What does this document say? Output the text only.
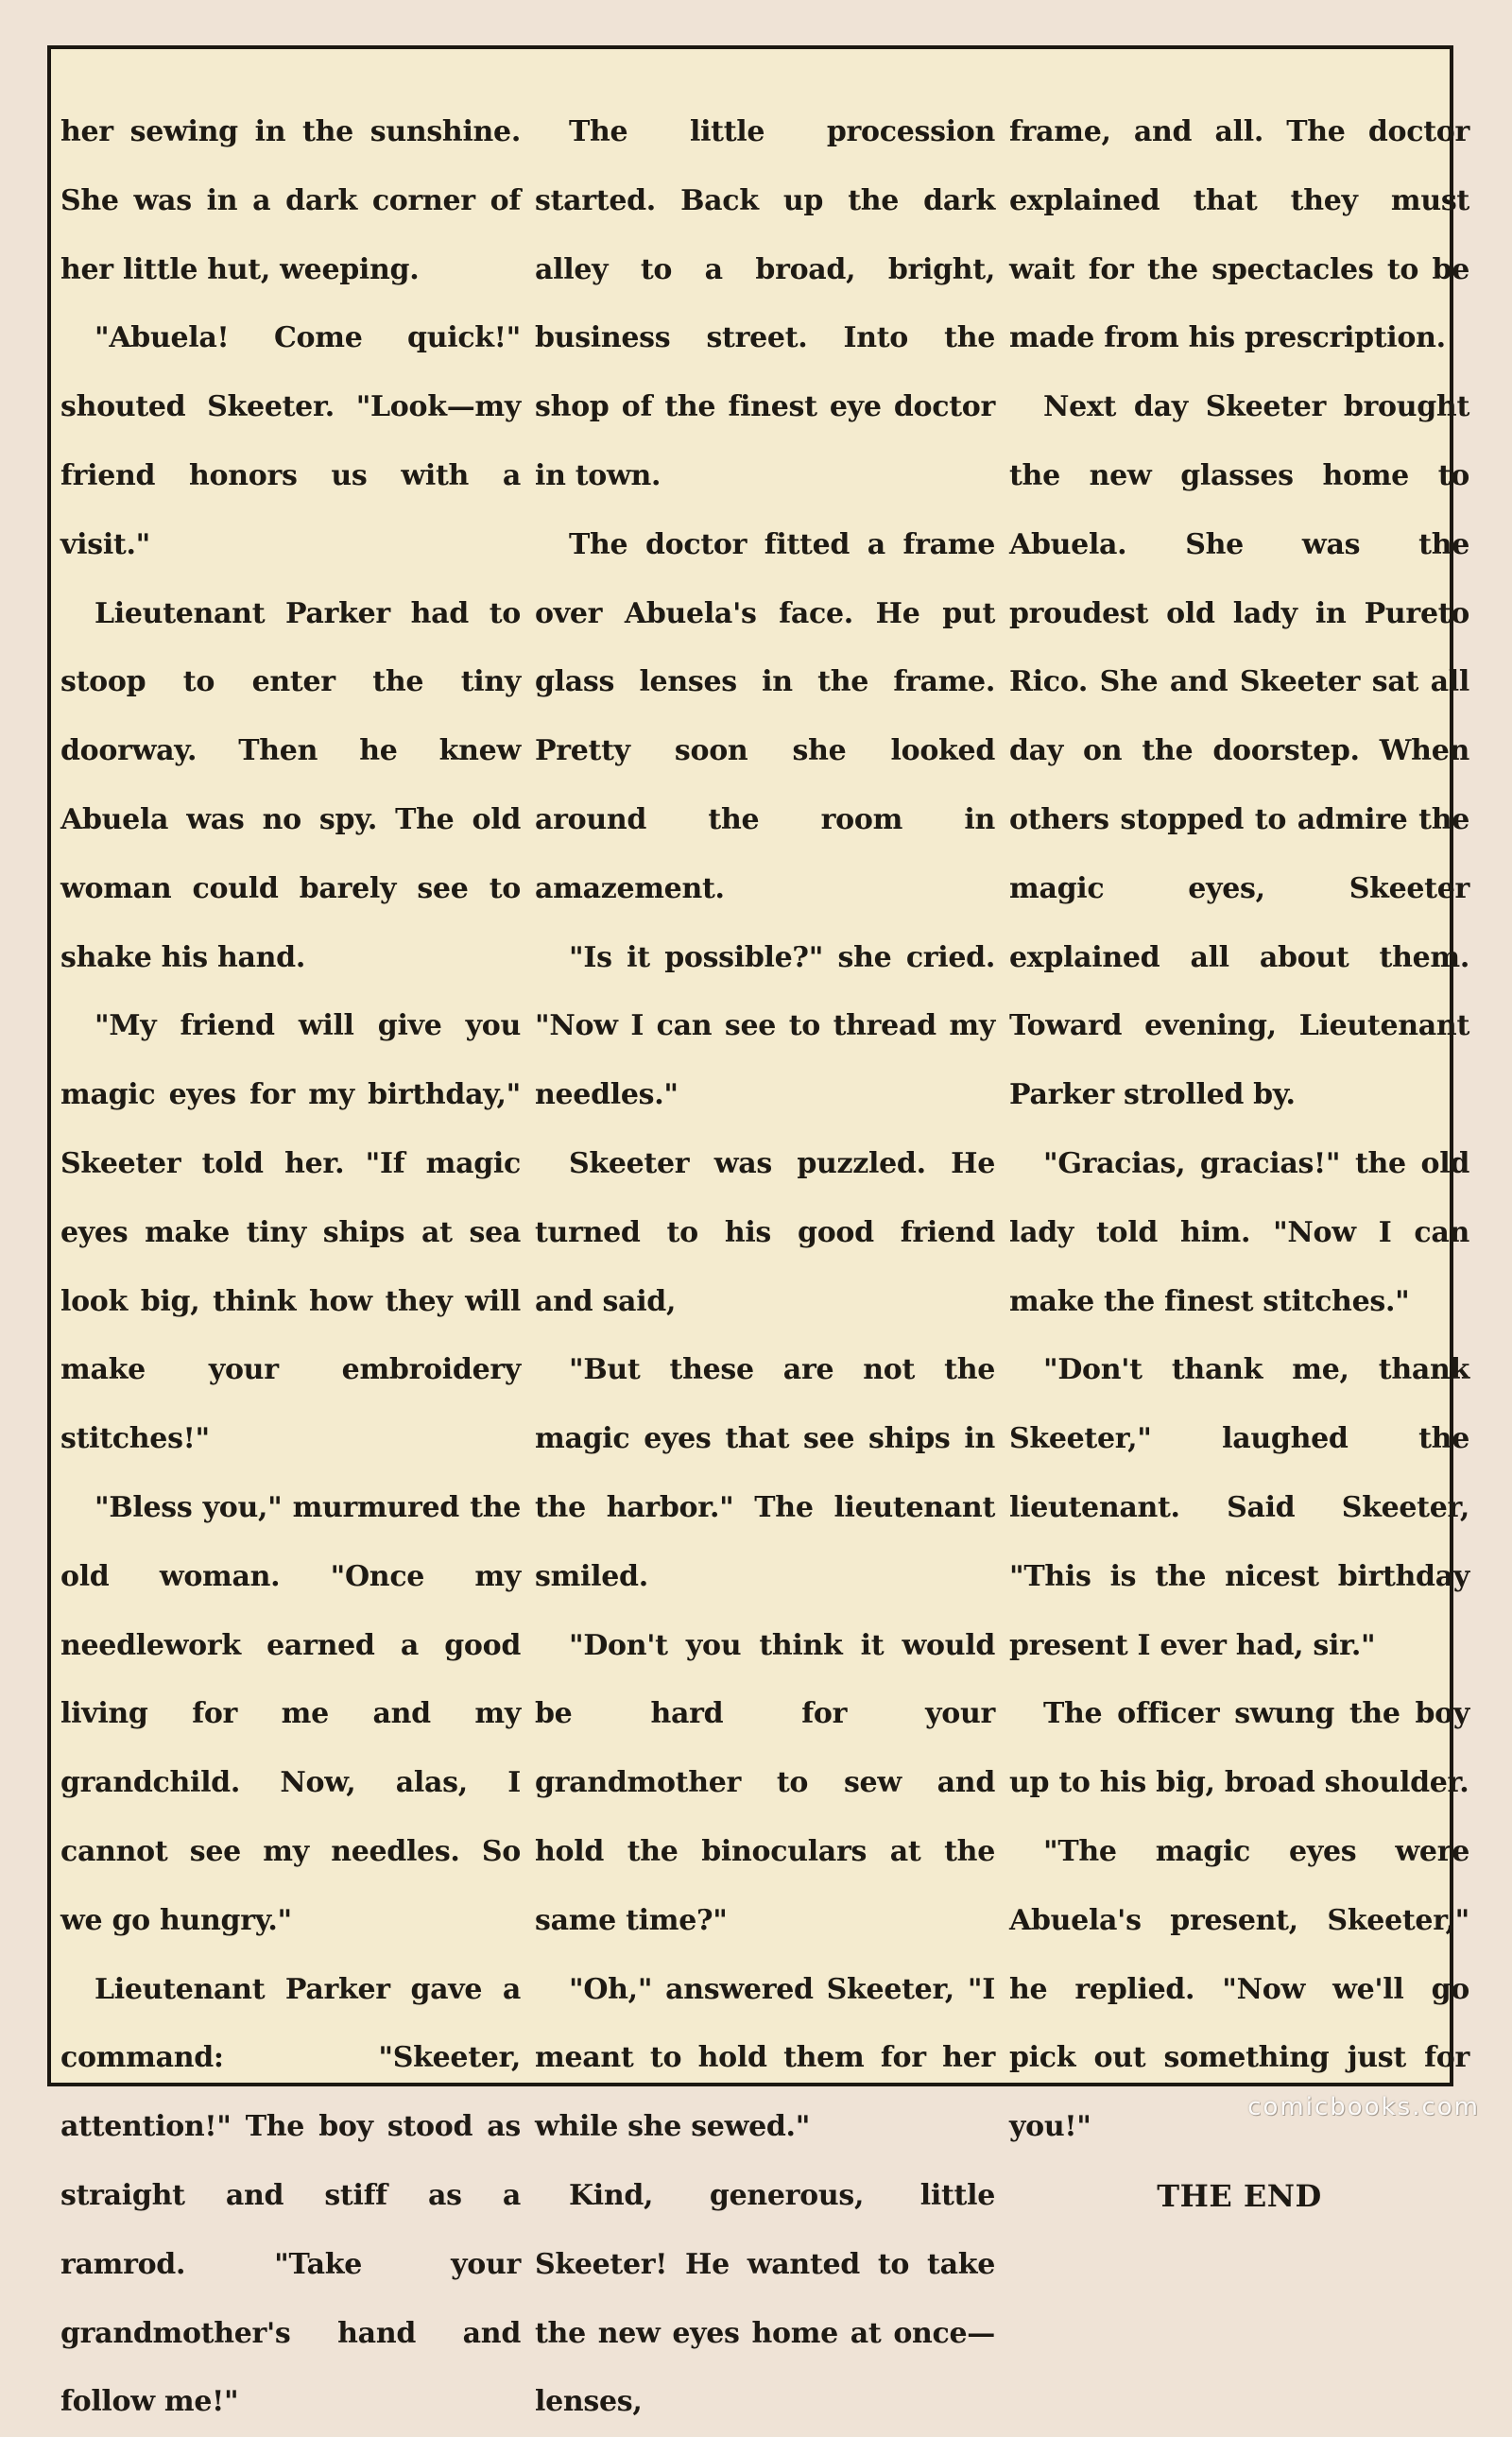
her sewing in the sunshine. She was in a dark corner of her little hut, weeping.

"Abuela! Come quick!" shouted Skeeter. "Look—my friend honors us with a visit."

Lieutenant Parker had to stoop to enter the tiny doorway. Then he knew Abuela was no spy. The old woman could barely see to shake his hand.

"My friend will give you magic eyes for my birthday," Skeeter told her. "If magic eyes make tiny ships at sea look big, think how they will make your embroidery stitches!"

"Bless you," murmured the old woman. "Once my needlework earned a good living for me and my grandchild. Now, alas, I cannot see my needles. So we go hungry."

Lieutenant Parker gave a command: "Skeeter, attention!" The boy stood as straight and stiff as a ramrod. "Take your grandmother's hand and follow me!"

The little procession started. Back up the dark alley to a broad, bright, business street. Into the shop of the finest eye doctor in town.

The doctor fitted a frame over Abuela's face. He put glass lenses in the frame. Pretty soon she looked around the room in amazement.

"Is it possible?" she cried. "Now I can see to thread my needles."

Skeeter was puzzled. He turned to his good friend and said,

"But these are not the magic eyes that see ships in the harbor." The lieutenant smiled.

"Don't you think it would be hard for your grandmother to sew and hold the binoculars at the same time?"

"Oh," answered Skeeter, "I meant to hold them for her while she sewed."

Kind, generous, little Skeeter! He wanted to take the new eyes home at once—lenses,

frame, and all. The doctor explained that they must wait for the spectacles to be made from his prescription.

Next day Skeeter brought the new glasses home to Abuela. She was the proudest old lady in Pureto Rico. She and Skeeter sat all day on the doorstep. When others stopped to admire the magic eyes, Skeeter explained all about them. Toward evening, Lieutenant Parker strolled by.

"Gracias, gracias!" the old lady told him. "Now I can make the finest stitches."

"Don't thank me, thank Skeeter," laughed the lieutenant. Said Skeeter, "This is the nicest birthday present I ever had, sir."

The officer swung the boy up to his big, broad shoulder.

"The magic eyes were Abuela's present, Skeeter," he replied. "Now we'll go pick out something just for you!"

THE END
comicbooks.com
